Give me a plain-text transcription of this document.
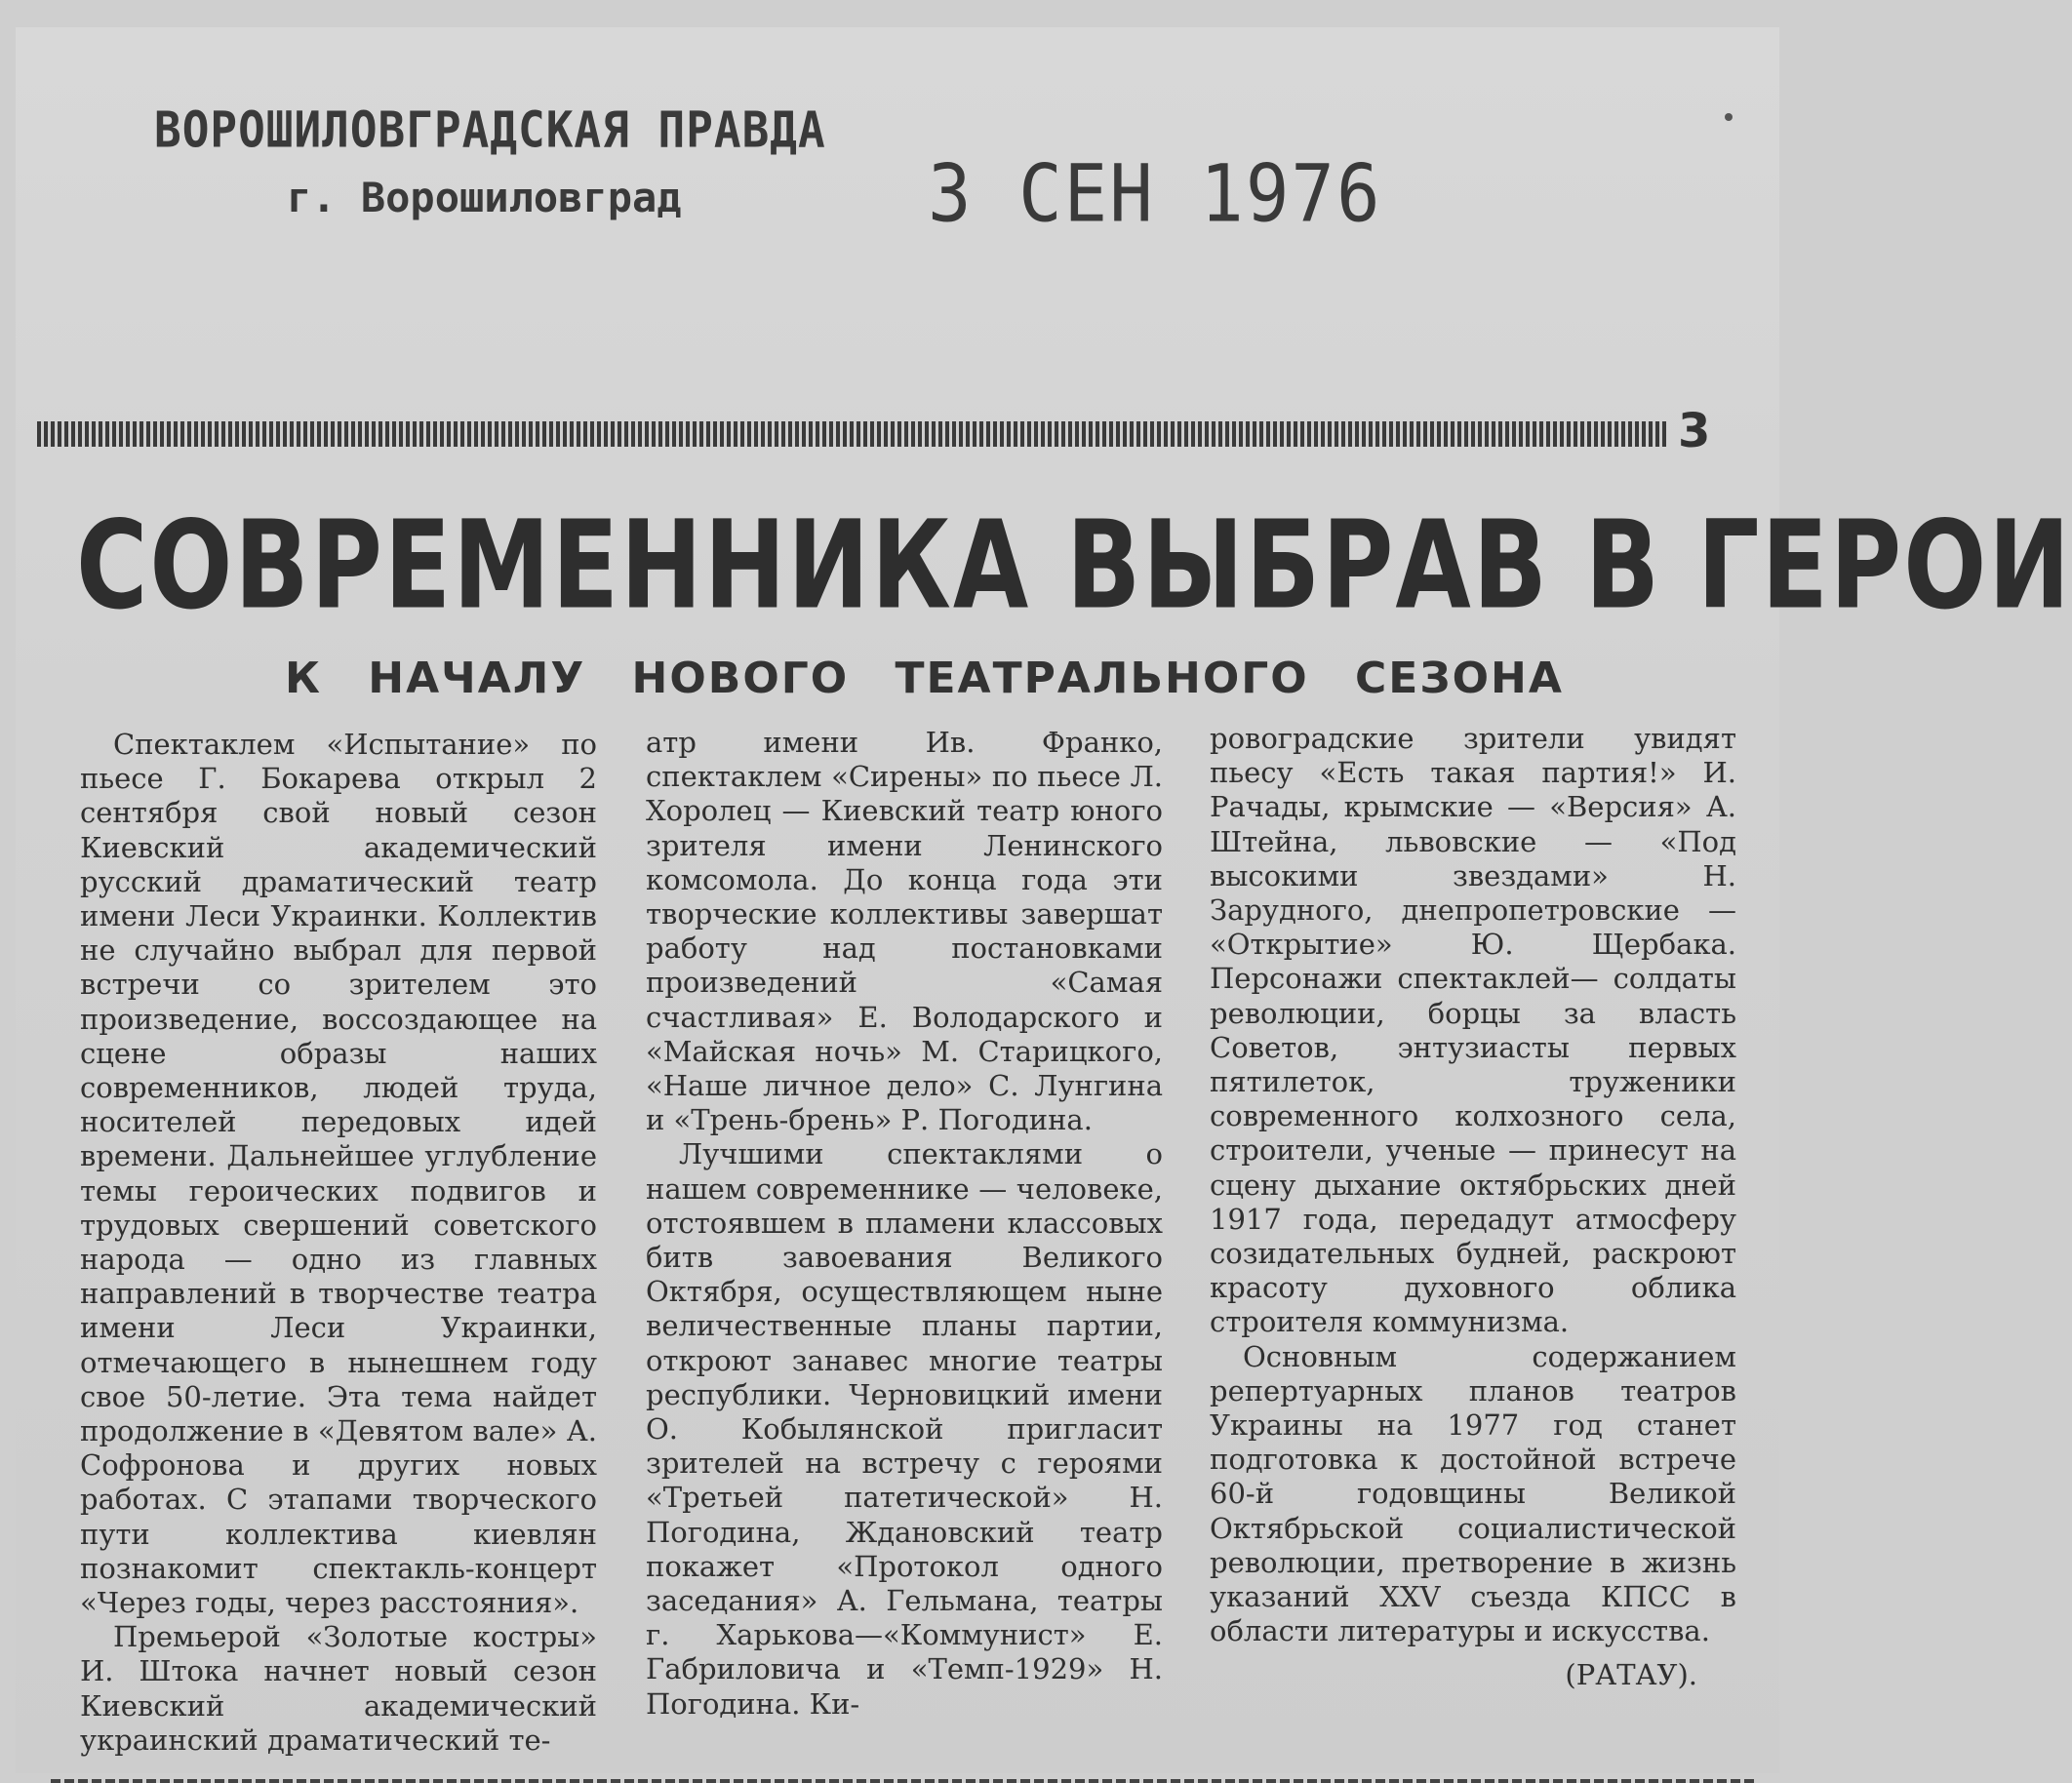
ВОРОШИЛОВГРАДСКАЯ ПРАВДА
г. Ворошиловград	3 СЕН 1976
3
СОВРЕМЕННИКА ВЫБРАВ В ГЕРОИ
К НАЧАЛУ НОВОГО ТЕАТРАЛЬНОГО СЕЗОНА

Спектаклем «Испытание» по пьесе Г. Бокарева открыл 2 сентября свой новый сезон Киевский академический русский драматический театр имени Леси Украинки. Коллектив не случайно выбрал для первой встречи со зрителем это произведение, воссоздающее на сцене образы наших современников, людей труда, носителей передовых идей времени. Дальнейшее углубление темы героических подвигов и трудовых свершений советского народа — одно из главных направлений в творчестве театра имени Леси Украинки, отмечающего в нынешнем году свое 50-летие. Эта тема найдет продолжение в «Девятом вале» А. Софронова и других новых работах. С этапами творческого пути коллектива киевлян познакомит спектакль-концерт «Через годы, через расстояния».

Премьерой «Золотые костры» И. Штока начнет новый сезон Киевский академический украинский драматический те-

атр имени Ив. Франко, спектаклем «Сирены» по пьесе Л. Хоролец — Киевский театр юного зрителя имени Ленинского комсомола. До конца года эти творческие коллективы завершат работу над постановками произведений «Самая счастливая» Е. Володарского и «Майская ночь» М. Старицкого, «Наше личное дело» С. Лунгина и «Трень-брень» Р. Погодина.

Лучшими спектаклями о нашем современнике — человеке, отстоявшем в пламени классовых битв завоевания Великого Октября, осуществляющем ныне величественные планы партии, откроют занавес многие театры республики. Черновицкий имени О. Кобылянской пригласит зрителей на встречу с героями «Третьей патетической» Н. Погодина, Ждановский театр покажет «Протокол одного заседания» А. Гельмана, театры г. Харькова—«Коммунист» Е. Габриловича и «Темп-1929» Н. Погодина. Ки-

ровоградские зрители увидят пьесу «Есть такая партия!» И. Рачады, крымские — «Версия» А. Штейна, львовские — «Под высокими звездами» Н. Зарудного, днепропетровские — «Открытие» Ю. Щербака. Персонажи спектаклей— солдаты революции, борцы за власть Советов, энтузиасты первых пятилеток, труженики современного колхозного села, строители, ученые — принесут на сцену дыхание октябрьских дней 1917 года, передадут атмосферу созидательных будней, раскроют красоту духовного облика строителя коммунизма.

Основным содержанием репертуарных планов театров Украины на 1977 год станет подготовка к достойной встрече 60-й годовщины Великой Октябрьской социалистической революции, претворение в жизнь указаний XXV съезда КПСС в области литературы и искусства.

(РАТАУ).
